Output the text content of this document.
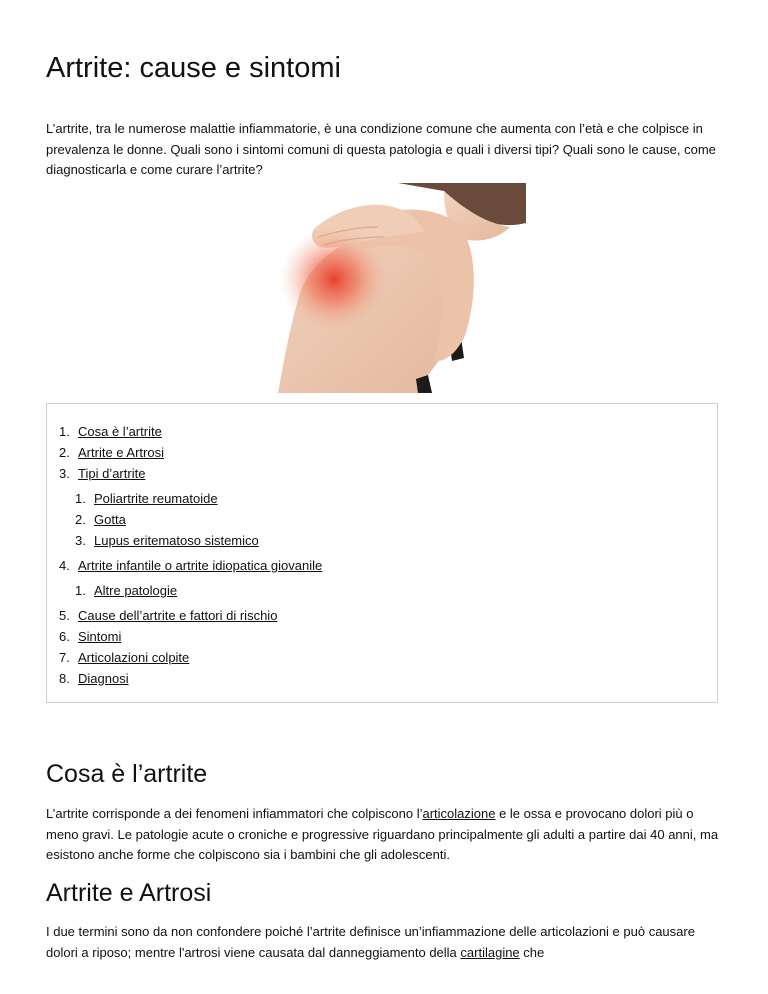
Artrite: cause e sintomi

L’artrite, tra le numerose malattie infiammatorie, è una condizione comune che aumenta con l’età e che colpisce in prevalenza le donne. Quali sono i sintomi comuni di questa patologia e quali i diversi tipi? Quali sono le cause, come diagnosticarla e come curare l’artrite?

1. Cosa è l’artrite
2. Artrite e Artrosi
3. Tipi d’artrite
1. Poliartrite reumatoide
2. Gotta
3. Lupus eritematoso sistemico
4. Artrite infantile o artrite idiopatica giovanile
1. Altre patologie
5. Cause dell’artrite e fattori di rischio
6. Sintomi
7. Articolazioni colpite
8. Diagnosi
Cosa è l’artrite

L’artrite corrisponde a dei fenomeni infiammatori che colpiscono l’articolazione e le ossa e provocano dolori più o meno gravi. Le patologie acute o croniche e progressive riguardano principalmente gli adulti a partire dai 40 anni, ma esistono anche forme che colpiscono sia i bambini che gli adolescenti.

Artrite e Artrosi

I due termini sono da non confondere poiché l’artrite definisce un’infiammazione delle articolazioni e può causare dolori a riposo; mentre l'artrosi viene causata dal danneggiamento della cartilagine che
